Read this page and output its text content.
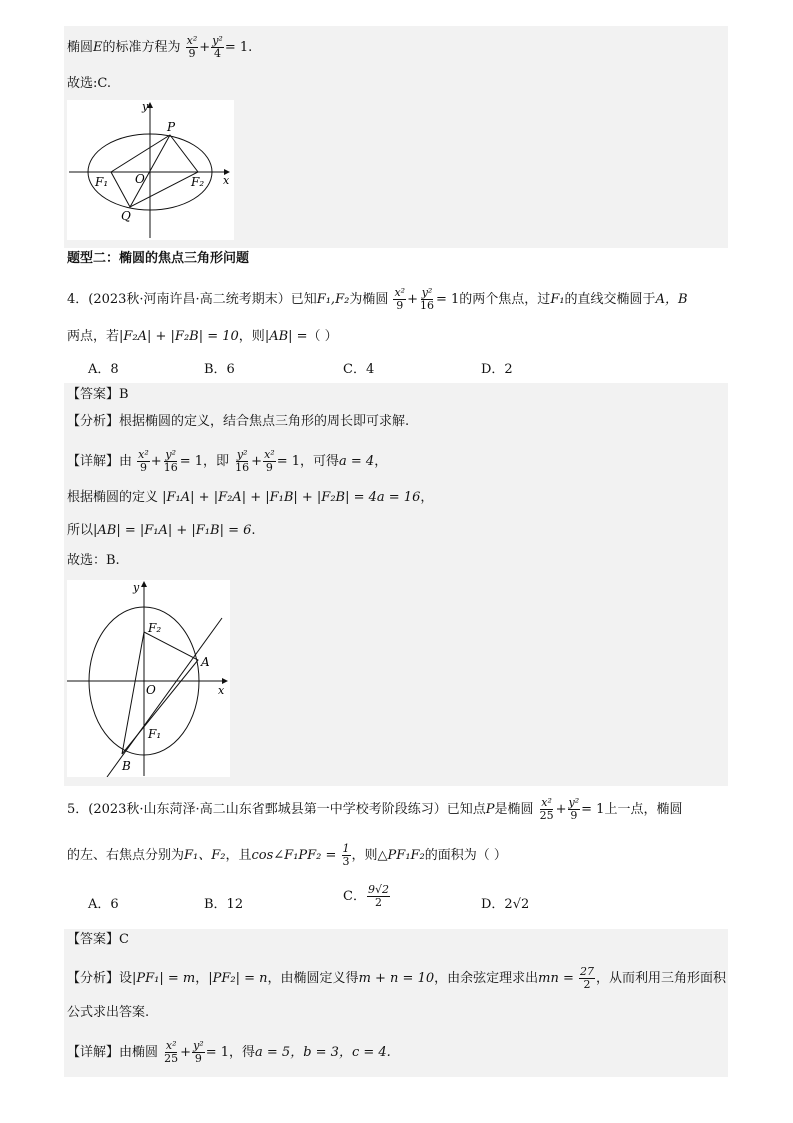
椭圆E的标准方程为 $\frac{\text{x²}}{9} + \frac{\text{y²}}{4} = 1$.
故选:C.
y
P
F₁ O	F₂ x
Q
题型二：椭圆的焦点三角形问题
4．(2023秋·河南许昌·高二统考期末）已知F₁,F₂为椭圆 $\frac{\text{x²}}{9} + \frac{\text{y²}}{16} = 1$的两个焦点，过F₁的直线交椭圆于A，B
两点，若|F₂A| + |F₂B| = 10，则|AB| =（ ）
A．8	B．6	C．4	D．2
【答案】B
【分析】根据椭圆的定义，结合焦点三角形的周长即可求解.
【详解】由 $\frac{\text{x²}}{9} + \frac{\text{y²}}{16} = 1$，即 $\frac{\text{y²}}{16} + \frac{\text{x²}}{9} = 1$，可得a = 4，
根据椭圆的定义 |F₁A| + |F₂A| + |F₁B| + |F₂B| = 4a = 16，
所以|AB| = |F₁A| + |F₁B| = 6.
故选：B.
y
F₂
A
O	x
F₁
B
5．(2023秋·山东菏泽·高二山东省鄄城县第一中学校考阶段练习）已知点P是椭圆 $\frac{\text{x²}}{25} + \frac{\text{y²}}{9} = 1$上一点，椭圆
的左、右焦点分别为F₁、F₂，且cos∠F₁PF₂ = $\frac{1}{3}$ ，则△PF₁F₂的面积为（ ）
A．6	B．12
C． $\frac{9√2}{2}$	D．2√2
【答案】C
【分析】设|PF₁| = m，|PF₂| = n，由椭圆定义得m + n = 10，由余弦定理求出mn = $\frac{27}{2}$ ，从而利用三角形面积
公式求出答案.
【详解】由椭圆 $\frac{\text{x²}}{25} + \frac{\text{y²}}{9} = 1$，得a = 5，b = 3，c = 4.
